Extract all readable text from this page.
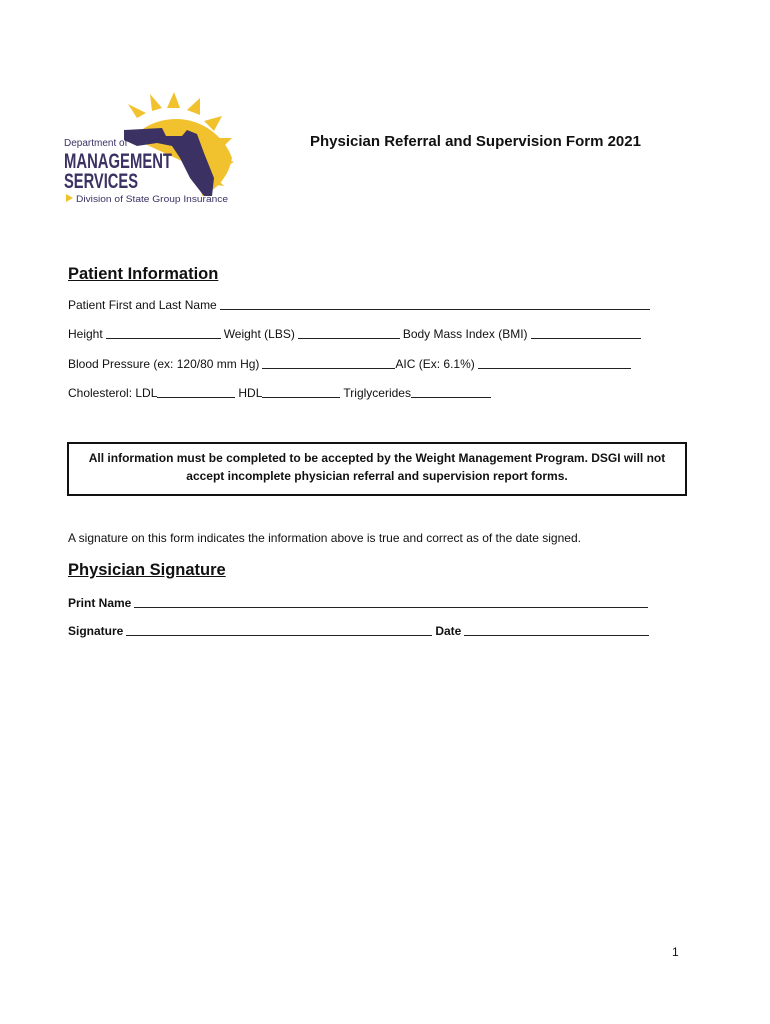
Department of
MANAGEMENT
SERVICES
Division of State Group Insurance
Physician Referral and Supervision Form 2021
Patient Information
Patient First and Last Name
Height	Weight (LBS)	Body Mass Index (BMI)
Blood Pressure (ex: 120/80 mm Hg)	AIC (Ex: 6.1%)
Cholesterol: LDL	HDL	Triglycerides
All information must be completed to be accepted by the Weight Management Program. DSGI will not
accept incomplete physician referral and supervision report forms.
A signature on this form indicates the information above is true and correct as of the date signed.
Physician Signature
Print Name
Signature	Date
1
